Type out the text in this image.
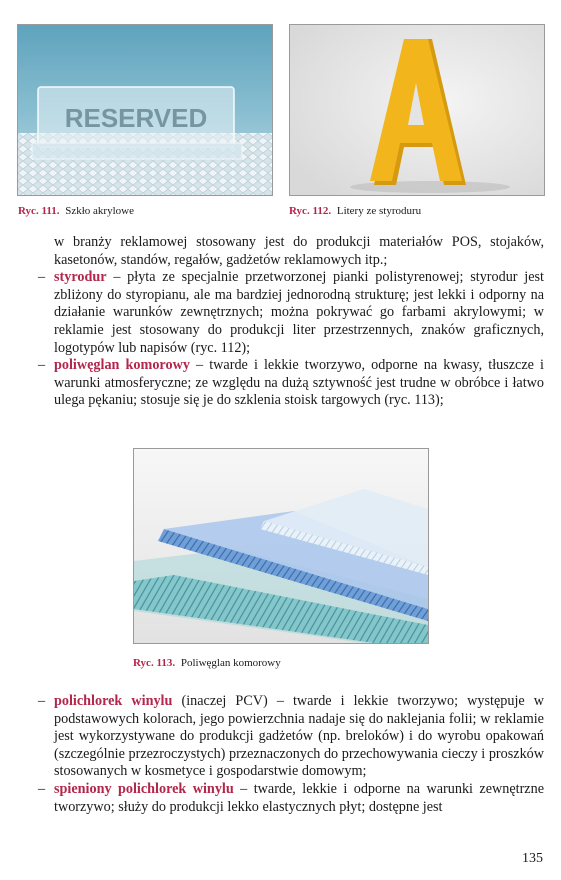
RESERVED
Ryc. 111. Szkło akrylowe	Ryc. 112. Litery ze styroduru
w branży reklamowej stosowany jest do produkcji materiałów POS, stojaków, kasetonów, standów, regałów, gadżetów reklamowych itp.;
– styrodur – płyta ze specjalnie przetworzonej pianki polistyrenowej; styrodur jest zbliżony do styropianu, ale ma bardziej jednorodną strukturę; jest lekki i odporny na działanie warunków zewnętrznych; można pokrywać go farbami akrylowymi; w reklamie jest stosowany do produkcji liter przestrzennych, znaków graficznych, logotypów lub napisów (ryc. 112);
– poliwęglan komorowy – twarde i lekkie tworzywo, odporne na kwasy, tłuszcze i warunki atmosferyczne; ze względu na dużą sztywność jest trudne w obróbce i łatwo ulega pękaniu; stosuje się je do szklenia stoisk targowych (ryc. 113);
Ryc. 113. Poliwęglan komorowy
– polichlorek winylu (inaczej PCV) – twarde i lekkie tworzywo; występuje w podstawowych kolorach, jego powierzchnia nadaje się do naklejania folii; w reklamie jest wykorzystywane do produkcji gadżetów (np. breloków) i do wyrobu opakowań (szczególnie przezroczystych) przeznaczonych do przechowywania cieczy i proszków stosowanych w kosmetyce i gospodarstwie domowym;
– spieniony polichlorek winylu – twarde, lekkie i odporne na warunki zewnętrzne tworzywo; służy do produkcji lekko elastycznych płyt; dostępne jest
135
